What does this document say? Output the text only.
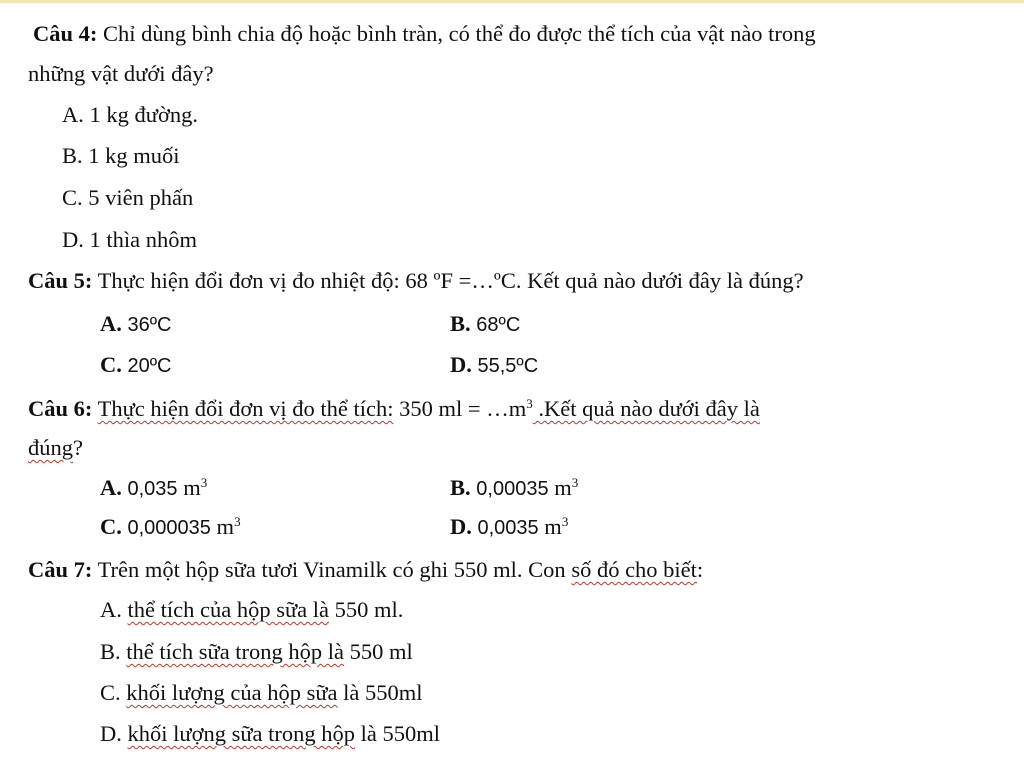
Câu 4: Chỉ dùng bình chia độ hoặc bình tràn, có thể đo được thể tích của vật nào trong
những vật dưới đây?
A. 1 kg đường.
B. 1 kg muối
C. 5 viên phấn
D. 1 thìa nhôm
Câu 5: Thực hiện đổi đơn vị đo nhiệt độ: 68 ºF =…ºC. Kết quả nào dưới đây là đúng?
A. 36ºC	B. 68ºC
C. 20ºC	D. 55,5ºC
Câu 6: Thực hiện đổi đơn vị đo thể tích: 350 ml = $\dots m^3$ .Kết quả nào dưới đây là
đúng?
A. 0,035 $m^3$	B. 0,00035 $m^3$
C. 0,000035 $m^3$	D. 0,0035 $m^3$
Câu 7: Trên một hộp sữa tươi Vinamilk có ghi 550 ml. Con số đó cho biết:
A. thể tích của hộp sữa là 550 ml.
B. thể tích sữa trong hộp là 550 ml
C. khối lượng của hộp sữa là 550ml
D. khối lượng sữa trong hộp là 550ml
